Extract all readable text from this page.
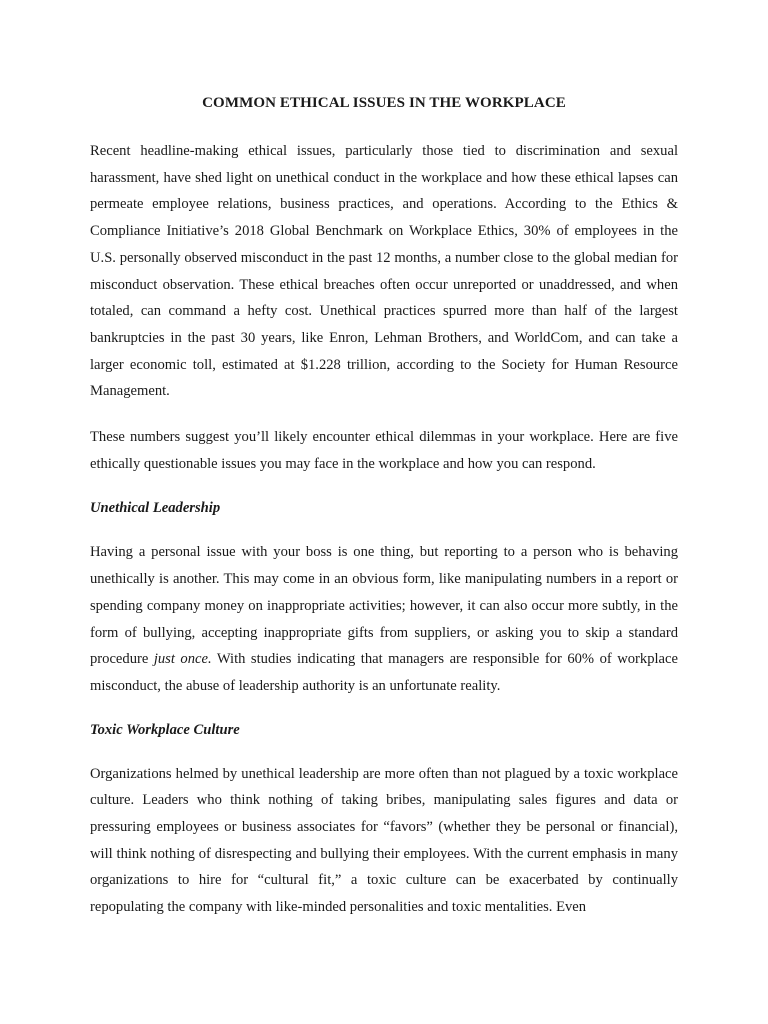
COMMON ETHICAL ISSUES IN THE WORKPLACE

Recent headline-making ethical issues, particularly those tied to discrimination and sexual harassment, have shed light on unethical conduct in the workplace and how these ethical lapses can permeate employee relations, business practices, and operations. According to the Ethics & Compliance Initiative’s 2018 Global Benchmark on Workplace Ethics, 30% of employees in the U.S. personally observed misconduct in the past 12 months, a number close to the global median for misconduct observation. These ethical breaches often occur unreported or unaddressed, and when totaled, can command a hefty cost. Unethical practices spurred more than half of the largest bankruptcies in the past 30 years, like Enron, Lehman Brothers, and WorldCom, and can take a larger economic toll, estimated at $1.228 trillion, according to the Society for Human Resource Management.

These numbers suggest you’ll likely encounter ethical dilemmas in your workplace. Here are five ethically questionable issues you may face in the workplace and how you can respond.

Unethical Leadership

Having a personal issue with your boss is one thing, but reporting to a person who is behaving unethically is another. This may come in an obvious form, like manipulating numbers in a report or spending company money on inappropriate activities; however, it can also occur more subtly, in the form of bullying, accepting inappropriate gifts from suppliers, or asking you to skip a standard procedure just once. With studies indicating that managers are responsible for 60% of workplace misconduct, the abuse of leadership authority is an unfortunate reality.

Toxic Workplace Culture

Organizations helmed by unethical leadership are more often than not plagued by a toxic workplace culture. Leaders who think nothing of taking bribes, manipulating sales figures and data or pressuring employees or business associates for “favors” (whether they be personal or financial), will think nothing of disrespecting and bullying their employees. With the current emphasis in many organizations to hire for “cultural fit,” a toxic culture can be exacerbated by continually repopulating the company with like-minded personalities and toxic mentalities. Even
